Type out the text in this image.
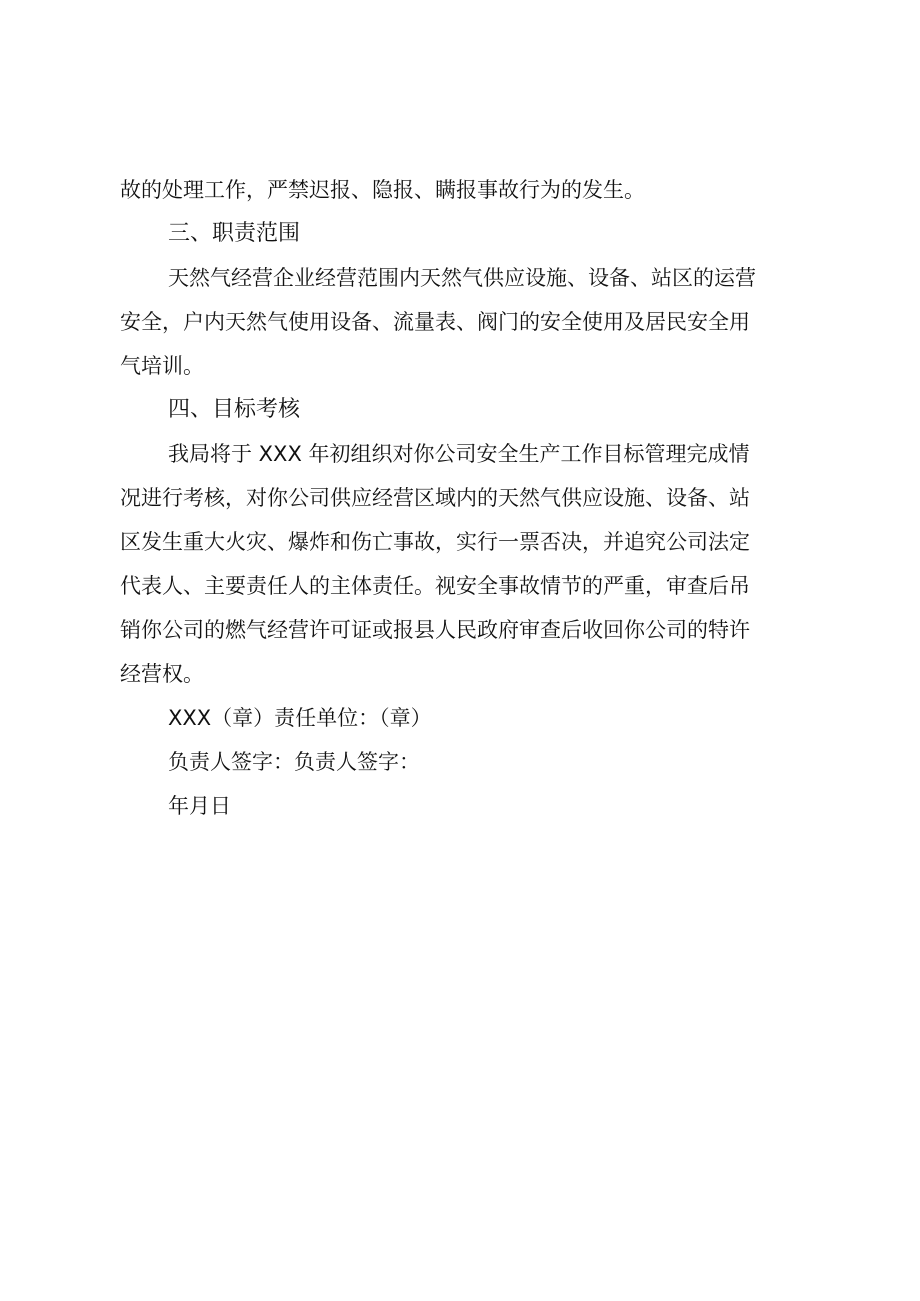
故的处理工作，严禁迟报、隐报、瞒报事故行为的发生。

三、职责范围

天然气经营企业经营范围内天然气供应设施、设备、站区的运营
安全，户内天然气使用设备、流量表、阀门的安全使用及居民安全用
气培训。

四、目标考核

我局将于 XXX 年初组织对你公司安全生产工作目标管理完成情
况进行考核，对你公司供应经营区域内的天然气供应设施、设备、站
区发生重大火灾、爆炸和伤亡事故，实行一票否决，并追究公司法定
代表人、主要责任人的主体责任。视安全事故情节的严重，审查后吊
销你公司的燃气经营许可证或报县人民政府审查后收回你公司的特许
经营权。

XXX（章）责任单位：（章）

负责人签字：负责人签字：

年月日
